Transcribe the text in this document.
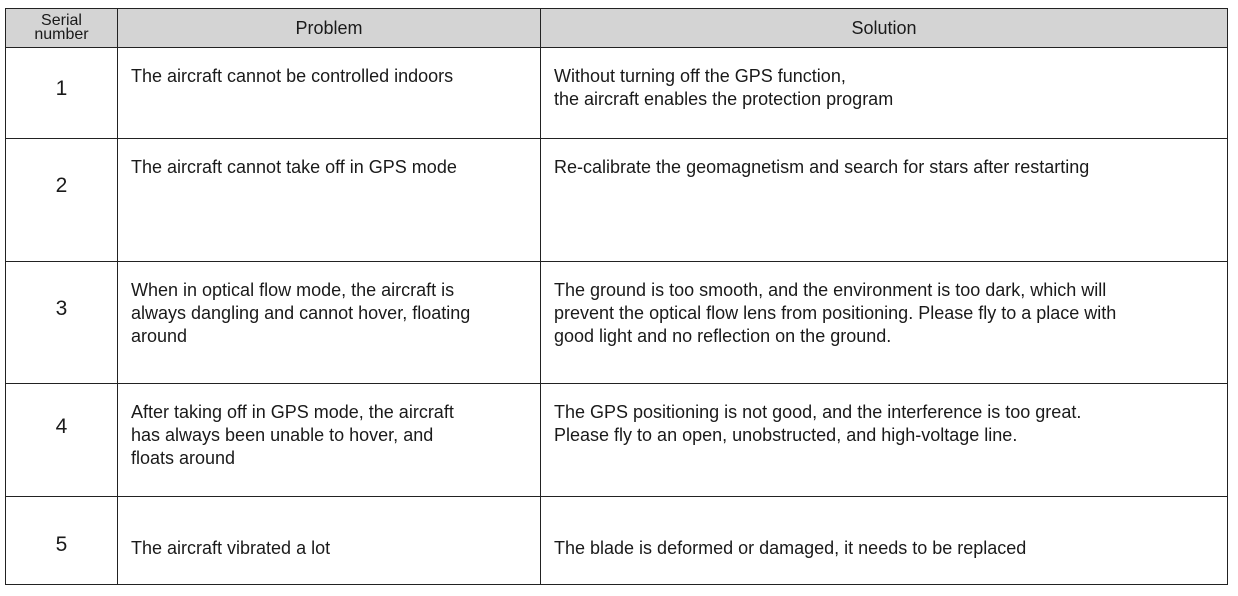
Serial
number	Problem	Solution
1	The aircraft cannot be controlled indoors	Without turning off the GPS function,
the aircraft enables the protection program

2	The aircraft cannot take off in GPS mode	Re-calibrate the geomagnetism and search for stars after restarting

3	When in optical flow mode, the aircraft is
always dangling and cannot hover, floating
around	The ground is too smooth, and the environment is too dark, which will
prevent the optical flow lens from positioning. Please fly to a place with
good light and no reflection on the ground.

4	After taking off in GPS mode, the aircraft
has always been unable to hover, and
floats around	The GPS positioning is not good, and the interference is too great.
Please fly to an open, unobstructed, and high-voltage line.

5	The aircraft vibrated a lot	The blade is deformed or damaged, it needs to be replaced
